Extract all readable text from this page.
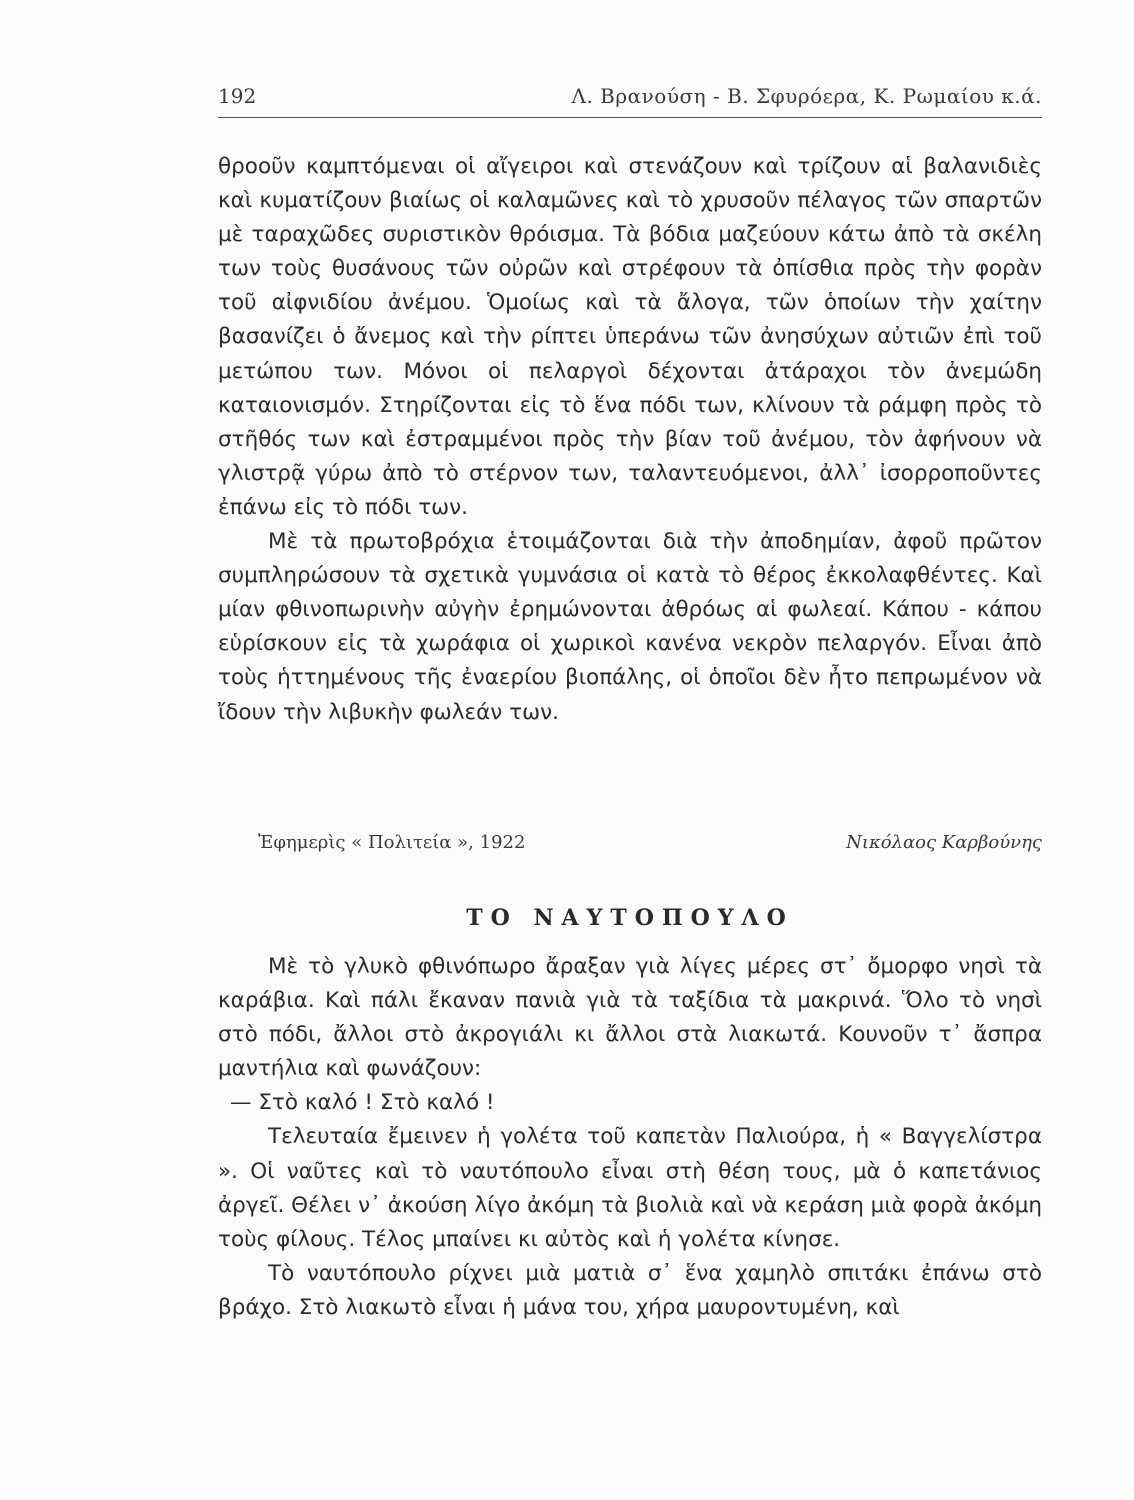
192	Λ. Βρανούση - Β. Σφυρόερα, Κ. Ρωμαίου κ.ά.

θροοῦν καμπτόμεναι οἱ αἴγειροι καὶ στενάζουν καὶ τρίζουν αἱ βαλανιδιὲς καὶ κυματίζουν βιαίως οἱ καλαμῶνες καὶ τὸ χρυσοῦν πέλαγος τῶν σπαρτῶν μὲ ταραχῶδες συριστικὸν θρόισμα. Τὰ βόδια μαζεύουν κάτω ἀπὸ τὰ σκέλη των τοὺς θυσάνους τῶν οὐρῶν καὶ στρέφουν τὰ ὀπίσθια πρὸς τὴν φορὰν τοῦ αἰφνιδίου ἀνέμου. Ὁμοίως καὶ τὰ ἄλογα, τῶν ὁποίων τὴν χαίτην βασανίζει ὁ ἄνεμος καὶ τὴν ρίπτει ὑπεράνω τῶν ἀνησύχων αὐτιῶν ἐπὶ τοῦ μετώπου των. Μόνοι οἱ πελαργοὶ δέχονται ἀτάραχοι τὸν ἀνεμώδη καταιονισμόν. Στηρίζονται εἰς τὸ ἕνα πόδι των, κλίνουν τὰ ράμφη πρὸς τὸ στῆθός των καὶ ἐστραμμένοι πρὸς τὴν βίαν τοῦ ἀνέμου, τὸν ἀφήνουν νὰ γλιστρᾷ γύρω ἀπὸ τὸ στέρνον των, ταλαντευόμενοι, ἀλλ᾽ ἰσορροποῦντες ἐπάνω εἰς τὸ πόδι των.

Μὲ τὰ πρωτοβρόχια ἑτοιμάζονται διὰ τὴν ἀποδημίαν, ἀφοῦ πρῶτον συμπληρώσουν τὰ σχετικὰ γυμνάσια οἱ κατὰ τὸ θέρος ἐκκολαφθέντες. Καὶ μίαν φθινοπωρινὴν αὐγὴν ἐρημώνονται ἀθρόως αἱ φωλεαί. Κάπου - κάπου εὑρίσκουν εἰς τὰ χωράφια οἱ χωρικοὶ κανένα νεκρὸν πελαργόν. Εἶναι ἀπὸ τοὺς ἡττημένους τῆς ἐναερίου βιοπάλης, οἱ ὁποῖοι δὲν ἦτο πεπρωμένον νὰ ἴδουν τὴν λιβυκὴν φωλεάν των.

Ἐφημερὶς « Πολιτεία », 1922	Νικόλαος Καρβούνης
ΤΟ ΝΑΥΤΟΠΟΥΛΟ

Μὲ τὸ γλυκὸ φθινόπωρο ἄραξαν γιὰ λίγες μέρες στ᾽ ὄμορφο νησὶ τὰ καράβια. Καὶ πάλι ἔκαναν πανιὰ γιὰ τὰ ταξίδια τὰ μακρινά. Ὅλο τὸ νησὶ στὸ πόδι, ἄλλοι στὸ ἀκρογιάλι κι ἄλλοι στὰ λιακωτά. Κουνοῦν τ᾽ ἄσπρα μαντήλια καὶ φωνάζουν:

— Στὸ καλό ! Στὸ καλό !

Τελευταία ἔμεινεν ἡ γολέτα τοῦ καπετὰν Παλιούρα, ἡ « Βαγγελίστρα ». Οἱ ναῦτες καὶ τὸ ναυτόπουλο εἶναι στὴ θέση τους, μὰ ὁ καπετάνιος ἀργεῖ. Θέλει ν᾽ ἀκούση λίγο ἀκόμη τὰ βιολιὰ καὶ νὰ κεράση μιὰ φορὰ ἀκόμη τοὺς φίλους. Τέλος μπαίνει κι αὐτὸς καὶ ἡ γολέτα κίνησε.

Τὸ ναυτόπουλο ρίχνει μιὰ ματιὰ σ᾽ ἕνα χαμηλὸ σπιτάκι ἐπάνω στὸ βράχο. Στὸ λιακωτὸ εἶναι ἡ μάνα του, χήρα μαυροντυμένη, καὶ
